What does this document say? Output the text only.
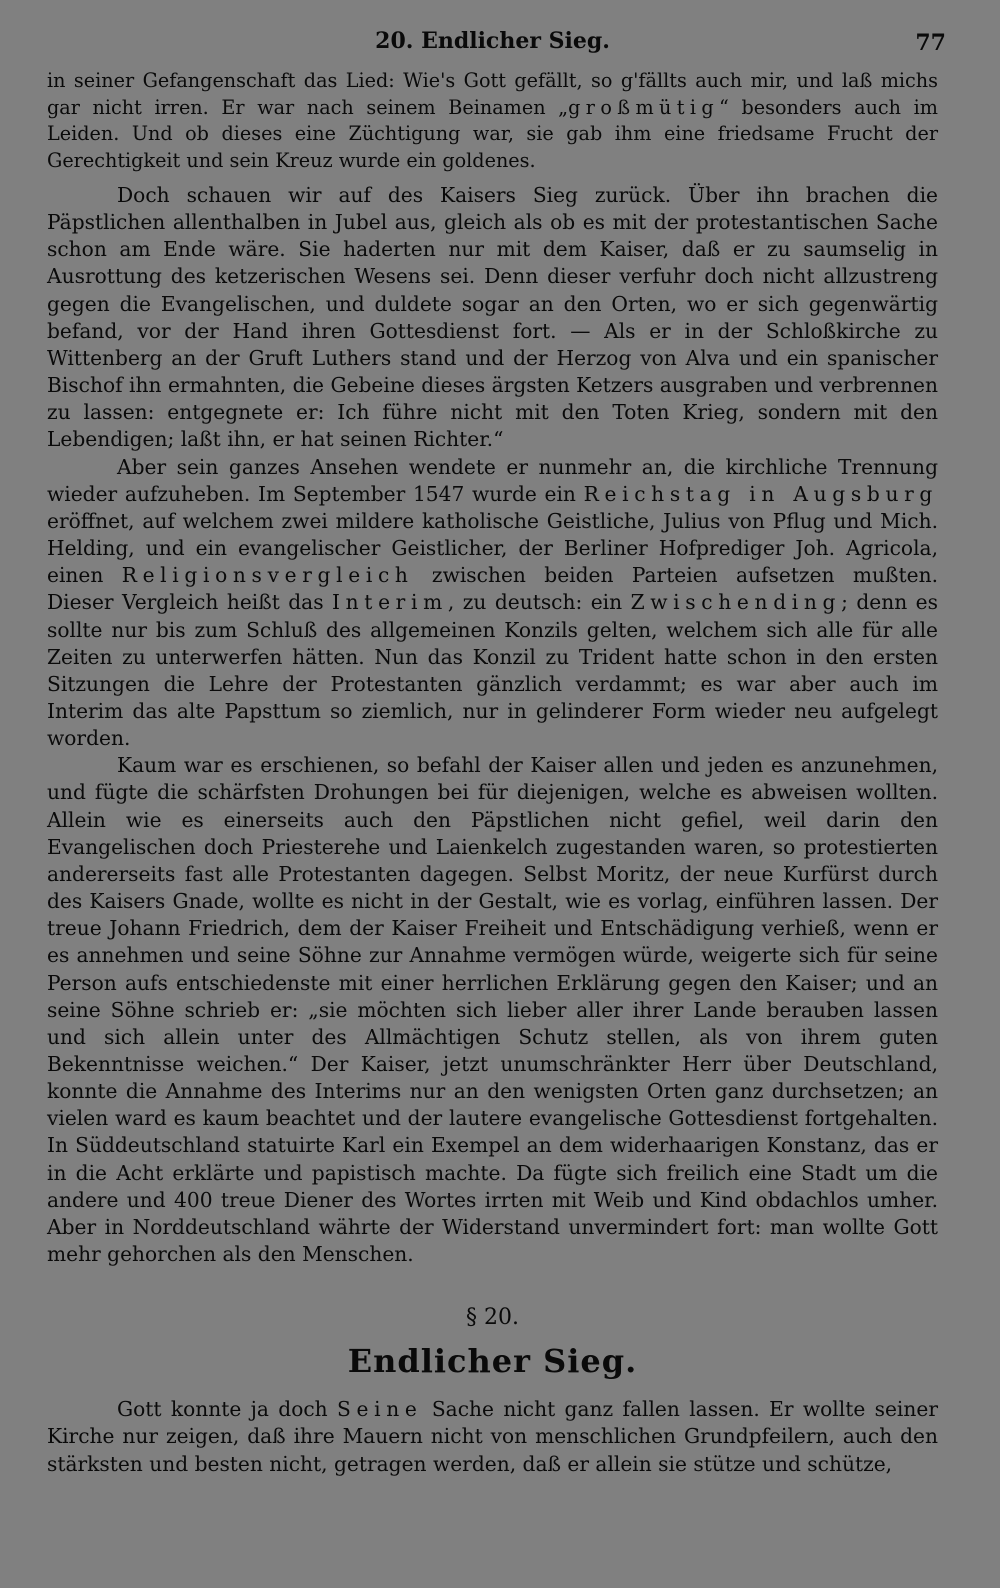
20. Endlicher Sieg.	77

in seiner Gefangenschaft das Lied: Wie's Gott gefällt, so g'fällts auch mir, und laß michs gar nicht irren. Er war nach seinem Beinamen „großmütig“ besonders auch im Leiden. Und ob dieses eine Züchtigung war, sie gab ihm eine friedsame Frucht der Gerechtigkeit und sein Kreuz wurde ein goldenes.

Doch schauen wir auf des Kaisers Sieg zurück. Über ihn brachen die Päpstlichen allenthalben in Jubel aus, gleich als ob es mit der protestantischen Sache schon am Ende wäre. Sie haderten nur mit dem Kaiser, daß er zu saumselig in Ausrottung des ketzerischen Wesens sei. Denn dieser verfuhr doch nicht allzustreng gegen die Evangelischen, und duldete sogar an den Orten, wo er sich gegenwärtig befand, vor der Hand ihren Gottesdienst fort. — Als er in der Schloßkirche zu Wittenberg an der Gruft Luthers stand und der Herzog von Alva und ein spanischer Bischof ihn ermahnten, die Gebeine dieses ärgsten Ketzers ausgraben und verbrennen zu lassen: entgegnete er: Ich führe nicht mit den Toten Krieg, sondern mit den Lebendigen; laßt ihn, er hat seinen Richter.“

Aber sein ganzes Ansehen wendete er nunmehr an, die kirchliche Trennung wieder aufzuheben. Im September 1547 wurde ein Reichstag in Augsburg eröffnet, auf welchem zwei mildere katholische Geistliche, Julius von Pflug und Mich. Helding, und ein evangelischer Geistlicher, der Berliner Hofprediger Joh. Agricola, einen Religionsvergleich zwischen beiden Parteien aufsetzen mußten. Dieser Vergleich heißt das Interim, zu deutsch: ein Zwischending; denn es sollte nur bis zum Schluß des allgemeinen Konzils gelten, welchem sich alle für alle Zeiten zu unterwerfen hätten. Nun das Konzil zu Trident hatte schon in den ersten Sitzungen die Lehre der Protestanten gänzlich verdammt; es war aber auch im Interim das alte Papsttum so ziemlich, nur in gelinderer Form wieder neu aufgelegt worden.

Kaum war es erschienen, so befahl der Kaiser allen und jeden es anzunehmen, und fügte die schärfsten Drohungen bei für diejenigen, welche es abweisen wollten. Allein wie es einerseits auch den Päpstlichen nicht gefiel, weil darin den Evangelischen doch Priesterehe und Laienkelch zugestanden waren, so protestierten andererseits fast alle Protestanten dagegen. Selbst Moritz, der neue Kurfürst durch des Kaisers Gnade, wollte es nicht in der Gestalt, wie es vorlag, einführen lassen. Der treue Johann Friedrich, dem der Kaiser Freiheit und Entschädigung verhieß, wenn er es annehmen und seine Söhne zur Annahme vermögen würde, weigerte sich für seine Person aufs entschiedenste mit einer herrlichen Erklärung gegen den Kaiser; und an seine Söhne schrieb er: „sie möchten sich lieber aller ihrer Lande berauben lassen und sich allein unter des Allmächtigen Schutz stellen, als von ihrem guten Bekenntnisse weichen.“ Der Kaiser, jetzt unumschränkter Herr über Deutschland, konnte die Annahme des Interims nur an den wenigsten Orten ganz durchsetzen; an vielen ward es kaum beachtet und der lautere evangelische Gottesdienst fortgehalten. In Süddeutschland statuirte Karl ein Exempel an dem widerhaarigen Konstanz, das er in die Acht erklärte und papistisch machte. Da fügte sich freilich eine Stadt um die andere und 400 treue Diener des Wortes irrten mit Weib und Kind obdachlos umher. Aber in Norddeutschland währte der Widerstand unvermindert fort: man wollte Gott mehr gehorchen als den Menschen.

§ 20.
Endlicher Sieg.

Gott konnte ja doch Seine Sache nicht ganz fallen lassen. Er wollte seiner Kirche nur zeigen, daß ihre Mauern nicht von menschlichen Grundpfeilern, auch den stärksten und besten nicht, getragen werden, daß er allein sie stütze und schütze,
